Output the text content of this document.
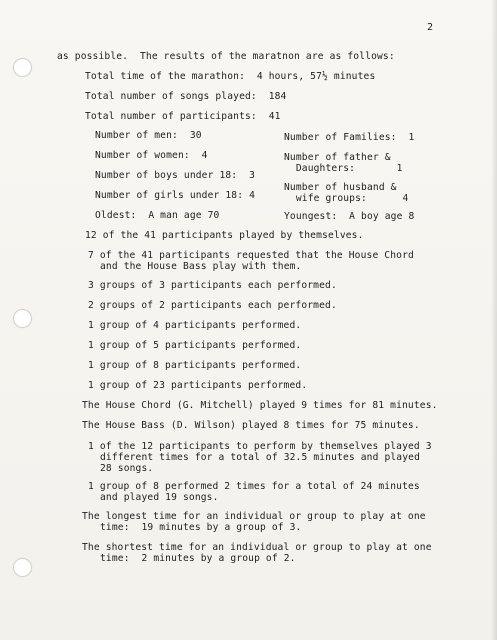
2
as possible.  The results of the maratnon are as follows:
Total time of the marathon:  4 hours, 57½ minutes
Total number of songs played:  184
Total number of participants:  41
Number of men:  30
Number of women:  4
Number of boys under 18:  3
Number of girls under 18: 4
Oldest:  A man age 70
Number of Families:  1
Number of father &
Daughters:       1
Number of husband &
wife groups:      4
Youngest:  A boy age 8
12 of the 41 participants played by themselves.
7 of the 41 participants requested that the House Chord
and the House Bass play with them.
3 groups of 3 participants each performed.
2 groups of 2 participants each performed.
1 group of 4 participants performed.
1 group of 5 participants performed.
1 group of 8 participants performed.
1 group of 23 participants performed.
The House Chord (G. Mitchell) played 9 times for 81 minutes.
The House Bass (D. Wilson) played 8 times for 75 minutes.
1 of the 12 participants to perform by themselves played 3
different times for a total of 32.5 minutes and played
28 songs.
1 group of 8 performed 2 times for a total of 24 minutes
and played 19 songs.
The longest time for an individual or group to play at one
time:  19 minutes by a group of 3.
The shortest time for an individual or group to play at one
time:  2 minutes by a group of 2.
